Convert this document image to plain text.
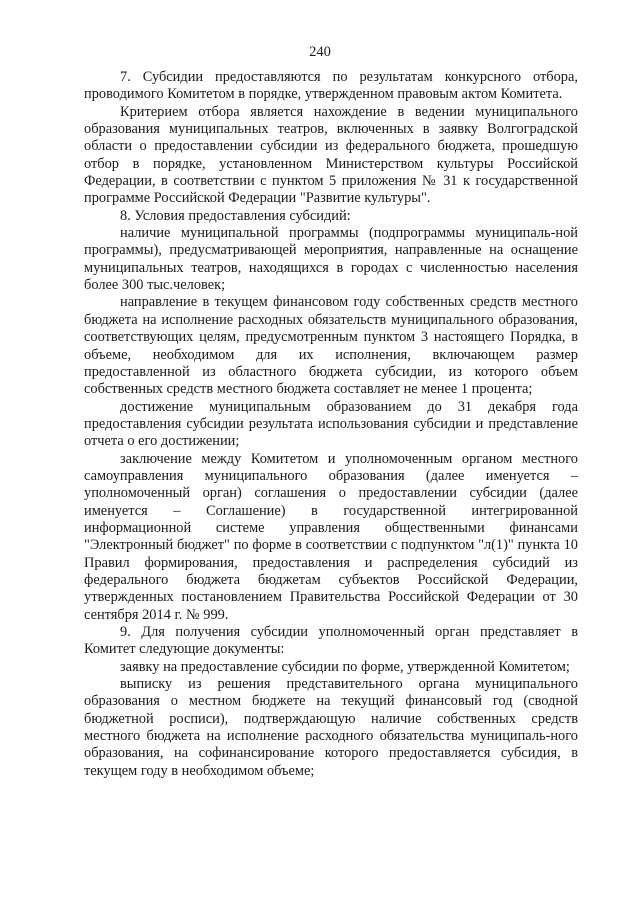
240

7. Субсидии предоставляются по результатам конкурсного отбора, проводимого Комитетом в порядке, утвержденном правовым актом Комитета.

Критерием отбора является нахождение в ведении муниципального образования муниципальных театров, включенных в заявку Волгоградской области о предоставлении субсидии из федерального бюджета, прошедшую отбор в порядке, установленном Министерством культуры Российской Федерации, в соответствии с пунктом 5 приложения № 31 к государственной программе Российской Федерации "Развитие культуры".

8. Условия предоставления субсидий:

наличие муниципальной программы (подпрограммы муниципаль-ной программы), предусматривающей мероприятия, направленные на оснащение муниципальных театров, находящихся в городах с численностью населения более 300 тыс.человек;

направление в текущем финансовом году собственных средств местного бюджета на исполнение расходных обязательств муниципального образования, соответствующих целям, предусмотренным пунктом 3 настоящего Порядка, в объеме, необходимом для их исполнения, включающем размер предоставленной из областного бюджета субсидии, из которого объем собственных средств местного бюджета составляет не менее 1 процента;

достижение муниципальным образованием до 31 декабря года предоставления субсидии результата использования субсидии и представление отчета о его достижении;

заключение между Комитетом и уполномоченным органом местного самоуправления муниципального образования (далее именуется – уполномоченный орган) соглашения о предоставлении субсидии (далее именуется – Соглашение) в государственной интегрированной информационной системе управления общественными финансами "Электронный бюджет" по форме в соответствии с подпунктом "л(1)" пункта 10 Правил формирования, предоставления и распределения субсидий из федерального бюджета бюджетам субъектов Российской Федерации, утвержденных постановлением Правительства Российской Федерации от 30 сентября 2014 г. № 999.

9. Для получения субсидии уполномоченный орган представляет в Комитет следующие документы:

заявку на предоставление субсидии по форме, утвержденной Комитетом;

выписку из решения представительного органа муниципального образования о местном бюджете на текущий финансовый год (сводной бюджетной росписи), подтверждающую наличие собственных средств местного бюджета на исполнение расходного обязательства муниципаль-ного образования, на софинансирование которого предоставляется субсидия, в текущем году в необходимом объеме;
